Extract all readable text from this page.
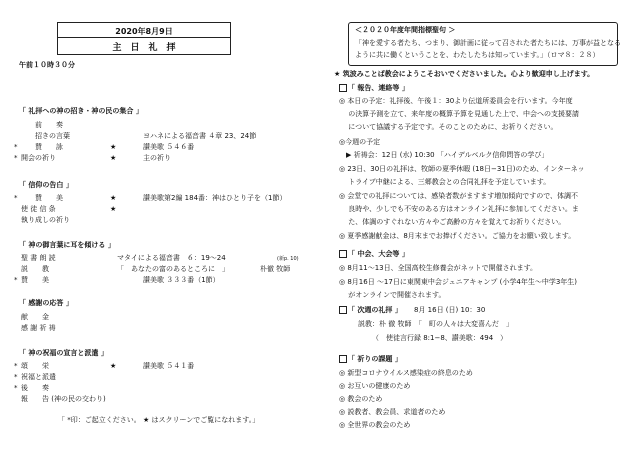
2020年8月9日
主　日　礼　拝
午前１０時３０分
「 礼拝への神の招き・神の民の集合 」
前　　奏
招きの言葉	ヨハネによる福音書 ４章 23、24節
*	賛　　詠	★	讃美歌 ５４６番
* 開会の祈り	★	主の祈り
「 信仰の告白 」
*	賛　　美	★	讃美歌第2編 184番：神はひとり子を（1節）
使 徒 信 条	★
執り成しの祈り
「 神の御言葉に耳を傾ける 」
聖 書 朗 読	マタイによる福音書　６：19～24	(新p. 10)
説　　教	「　あなたの富のあるところに　」	朴徹 牧師
* 賛　　美	讃美歌 ３３３番（1節）
「 感謝の応答 」
献　　金
感 謝 祈 祷
「 神の祝福の宣言と派遣 」
* 頌　　栄	★	讃美歌 ５４１番
* 祝福と派遣
* 後　　奏
報　　告 (神の民の交わり)
「 *印：ご起立ください。 ★ はスクリーンでご覧になれます。」
＜２０２０年度年間指標聖句 ＞
「神を愛する者たち、つまり、御計画に従って召された者たちには、万事が益となる
ように共に働くということを、わたしたちは知っています。」（ロマ８：２８）
★ 筑波みことば教会にようこそおいでくださいました。心より歓迎申し上げます。
「 報告、連絡等 」
◎ 本日の予定：礼拝後、午後１：30より伝道所委員会を行います。今年度
　 の決算予測を立て、来年度の概算予算を見通した上で、中会への支援要請
　 について協議する予定です。そのことのために、お祈りください。
◎今週の予定
　▶ 祈祷会：12日 (水) 10:30 「ハイデルベルク信仰問答の学び」
◎ 23日、30日の礼拝は、牧師の夏季休暇 (18日−31日)のため、インターネッ
　 トライブ中継による、三郷教会との合同礼拝を予定しています。
◎ 会堂での礼拝については、感染者数がますます増加傾向ですので、体調不
　 良時や、少しでも不安のある方はオンライン礼拝に参加してください。ま
　 た、体調のすぐれない方々やご高齢の方々を覚えてお祈りください。
◎ 夏季感謝献金は、8月末までお捧げください。ご協力をお願い致します。
「 中会、大会等 」
◎ 8月11〜13日、全国高校生修養会がネットで開催されます。
◎ 8月16日 〜17日に東関東中会ジュニアキャンプ (小学4年生〜中学3年生)
　 がオンラインで開催されます。
「 次週の礼拝 」 8月 16日 (日) 10：30
説教：朴 徹 牧師　「　町の人々は大変喜んだ　」
（　使徒言行録 8:1−8、讃美歌：494　）
「 祈りの課題 」
◎ 新型コロナウイルス感染症の終息のため
◎ お互いの健康のため
◎ 教会のため
◎ 説教者、教会員、求道者のため
◎ 全世界の教会のため
